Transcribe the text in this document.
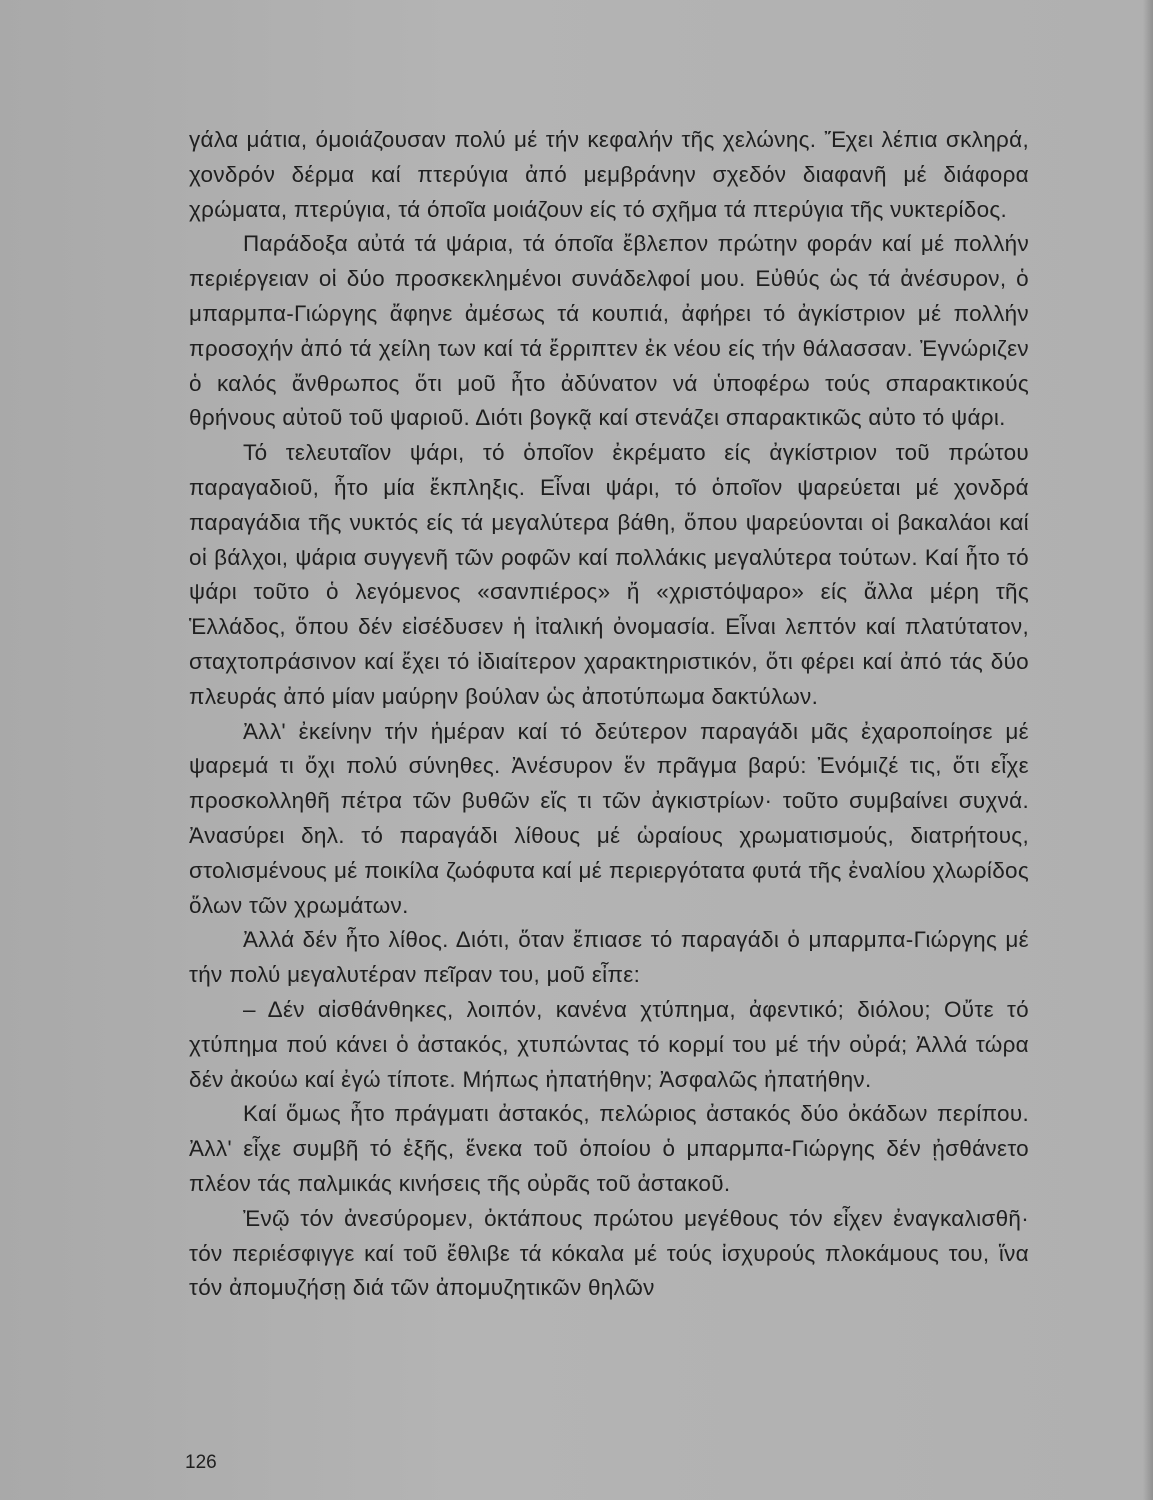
γάλα μάτια, όμοιάζουσαν πολύ μέ τήν κεφαλήν τῆς χελώνης. Ἔχει λέπια σκληρά, χονδρόν δέρμα καί πτερύγια ἀπό μεμβράνην σχεδόν διαφανῆ μέ διάφορα χρώματα, πτερύγια, τά όποῖα μοιάζουν είς τό σχῆμα τά πτερύγια τῆς νυκτερίδος.

Παράδοξα αὐτά τά ψάρια, τά όποῖα ἔβλεπον πρώτην φοράν καί μέ πολλήν περιέργειαν οἱ δύο προσκεκλημένοι συνάδελφοί μου. Εὐθύς ὡς τά ἀνέσυρον, ὁ μπαρμπα-Γιώργης ἄφηνε ἀμέσως τά κουπιά, ἀφήρει τό ἀγκίστριον μέ πολλήν προσοχήν ἀπό τά χείλη των καί τά ἔρριπτεν ἐκ νέου είς τήν θάλασσαν. Ἐγνώριζεν ὁ καλός ἄνθρωπος ὅτι μοῦ ἦτο ἀδύνατον νά ὑποφέρω τούς σπαρακτικούς θρήνους αὐτοῦ τοῦ ψαριοῦ. Διότι βογκᾷ καί στενάζει σπαρακτικῶς αὐτο τό ψάρι.

Τό τελευταῖον ψάρι, τό ὁποῖον ἐκρέματο είς ἀγκίστριον τοῦ πρώτου παραγαδιοῦ, ἦτο μία ἔκπληξις. Εἶναι ψάρι, τό ὁποῖον ψαρεύεται μέ χονδρά παραγάδια τῆς νυκτός είς τά μεγαλύτερα βάθη, ὅπου ψαρεύονται οἱ βακαλάοι καί οἱ βάλχοι, ψάρια συγγενῆ τῶν ροφῶν καί πολλάκις μεγαλύτερα τούτων. Καί ἦτο τό ψάρι τοῦτο ὁ λεγόμενος «σανπιέρος» ἤ «χριστόψαρο» είς ἄλλα μέρη τῆς Ἑλλάδος, ὅπου δέν εἰσέδυσεν ἡ ἰταλική ὀνομασία. Εἶναι λεπτόν καί πλατύτατον, σταχτοπράσινον καί ἔχει τό ἰδιαίτερον χαρακτηριστικόν, ὅτι φέρει καί ἀπό τάς δύο πλευράς ἀπό μίαν μαύρην βούλαν ὡς ἀποτύπωμα δακτύλων.

Ἀλλ' ἐκείνην τήν ἡμέραν καί τό δεύτερον παραγάδι μᾶς ἐχαροποίησε μέ ψαρεμά τι ὄχι πολύ σύνηθες. Ἀνέσυρον ἕν πρᾶγμα βαρύ: Ἐνόμιζέ τις, ὅτι εἶχε προσκολληθῆ πέτρα τῶν βυθῶν εἴς τι τῶν ἀγκιστρίων· τοῦτο συμβαίνει συχνά. Ἀνασύρει δηλ. τό παραγάδι λίθους μέ ὡραίους χρωματισμούς, διατρήτους, στολισμένους μέ ποικίλα ζωόφυτα καί μέ περιεργότατα φυτά τῆς ἐναλίου χλωρίδος ὅλων τῶν χρωμάτων.

Ἀλλά δέν ἦτο λίθος. Διότι, ὅταν ἔπιασε τό παραγάδι ὁ μπαρμπα-Γιώργης μέ τήν πολύ μεγαλυτέραν πεῖραν του, μοῦ εἶπε:

– Δέν αἰσθάνθηκες, λοιπόν, κανένα χτύπημα, ἀφεντικό; διόλου; Οὔτε τό χτύπημα πού κάνει ὁ ἀστακός, χτυπώντας τό κορμί του μέ τήν οὐρά; Ἀλλά τώρα δέν ἀκούω καί ἐγώ τίποτε. Μήπως ἠπατήθην; Ἀσφαλῶς ἠπατήθην.

Καί ὅμως ἦτο πράγματι ἀστακός, πελώριος ἀστακός δύο ὀκάδων περίπου. Ἀλλ' εἶχε συμβῆ τό ἑξῆς, ἕνεκα τοῦ ὁποίου ὁ μπαρμπα-Γιώργης δέν ᾐσθάνετο πλέον τάς παλμικάς κινήσεις τῆς οὐρᾶς τοῦ ἀστακοῦ.

Ἐνῷ τόν ἀνεσύρομεν, ὀκτάπους πρώτου μεγέθους τόν εἶχεν ἐναγκαλισθῆ· τόν περιέσφιγγε καί τοῦ ἔθλιβε τά κόκαλα μέ τούς ἰσχυρούς πλοκάμους του, ἵνα τόν ἀπομυζήσῃ διά τῶν ἀπομυζητικῶν θηλῶν

126
